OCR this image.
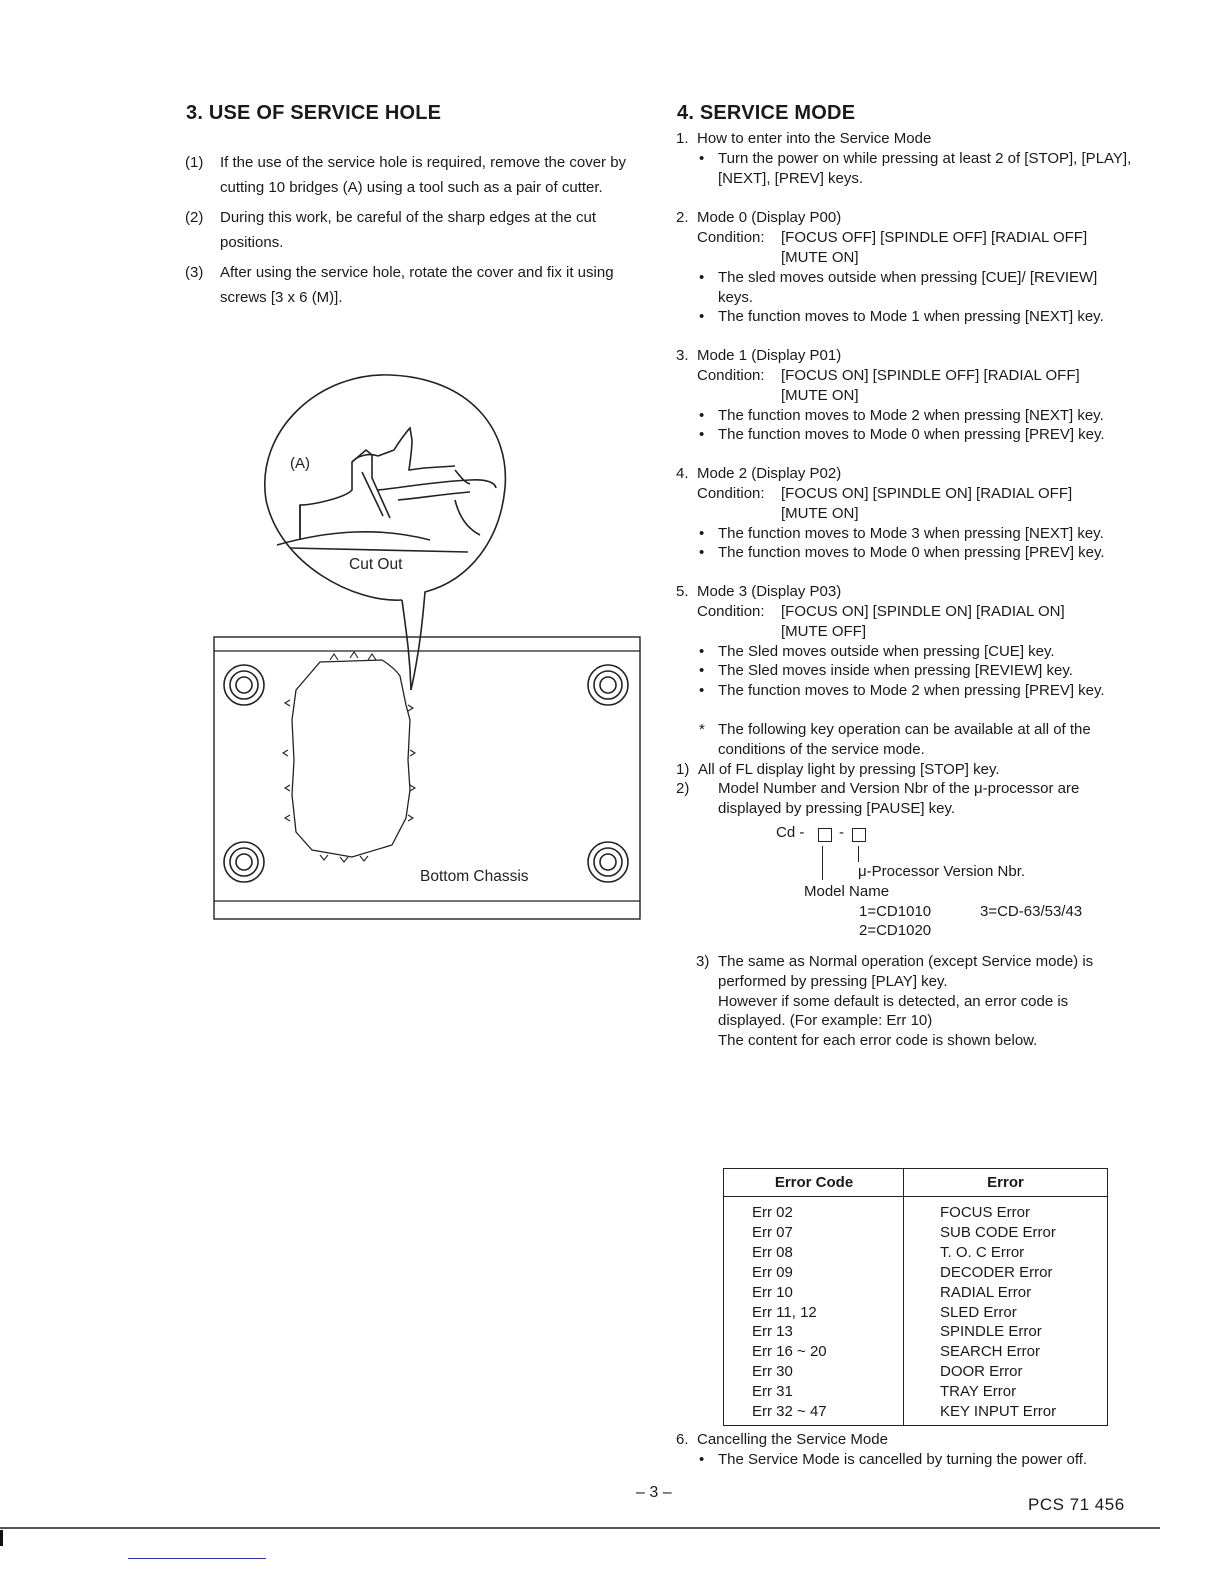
3. USE OF SERVICE HOLE
(1) If the use of the service hole is required, remove the cover by cutting 10 bridges (A) using a tool such as a pair of cutter.
(2) During this work, be careful of the sharp edges at the cut positions.
(3) After using the service hole, rotate the cover and fix it using screws [3 x 6 (M)].
(A)
Cut Out
Bottom Chassis
4. SERVICE MODE
1. How to enter into the Service Mode
• Turn the power on while pressing at least 2 of [STOP], [PLAY], [NEXT], [PREV] keys.
2. Mode 0 (Display P00)
Condition: [FOCUS OFF] [SPINDLE OFF] [RADIAL OFF]
[MUTE ON]
• The sled moves outside when pressing [CUE]/ [REVIEW] keys.
• The function moves to Mode 1 when pressing [NEXT] key.
3. Mode 1 (Display P01)
Condition: [FOCUS ON] [SPINDLE OFF] [RADIAL OFF]
[MUTE ON]
• The function moves to Mode 2 when pressing [NEXT] key.
• The function moves to Mode 0 when pressing [PREV] key.
4. Mode 2 (Display P02)
Condition: [FOCUS ON] [SPINDLE ON] [RADIAL OFF]
[MUTE ON]
• The function moves to Mode 3 when pressing [NEXT] key.
• The function moves to Mode 0 when pressing [PREV] key.
5. Mode 3 (Display P03)
Condition: [FOCUS ON] [SPINDLE ON] [RADIAL ON]
[MUTE OFF]
• The Sled moves outside when pressing [CUE] key.
• The Sled moves inside when pressing [REVIEW] key.
• The function moves to Mode 2 when pressing [PREV] key.
* The following key operation can be available at all of the conditions of the service mode.
1) All of FL display light by pressing [STOP] key.
2) Model Number and Version Nbr of the μ-processor are displayed by pressing [PAUSE] key.
Cd - -
μ-Processor Version Nbr.
Model Name
1=CD1010	3=CD-63/53/43
2=CD1020
3) The same as Normal operation (except Service mode) is performed by pressing [PLAY] key.
However if some default is detected, an error code is displayed. (For example: Err 10)
The content for each error code is shown below.
Error Code	Error
Err 02	FOCUS Error
Err 07	SUB CODE Error
Err 08	T. O. C Error
Err 09	DECODER Error
Err 10	RADIAL Error
Err 11, 12	SLED Error
Err 13	SPINDLE Error
Err 16 ~ 20	SEARCH Error
Err 30	DOOR Error
Err 31	TRAY Error
Err 32 ~ 47	KEY INPUT Error
6. Cancelling the Service Mode
• The Service Mode is cancelled by turning the power off.
– 3 –
PCS 71 456
